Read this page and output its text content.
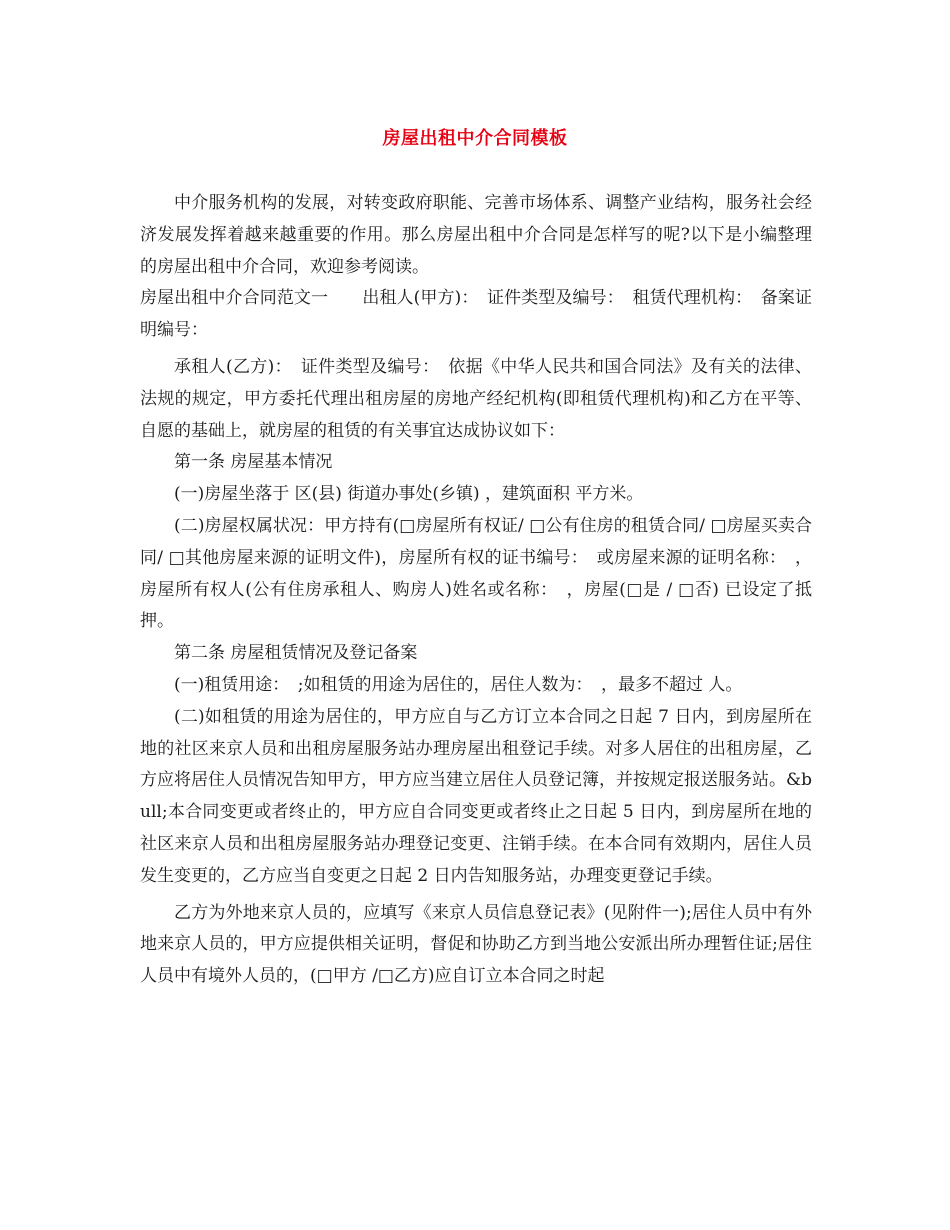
房屋出租中介合同模板

中介服务机构的发展，对转变政府职能、完善市场体系、调整产业结构，服务社会经济发展发挥着越来越重要的作用。那么房屋出租中介合同是怎样写的呢?以下是小编整理的房屋出租中介合同，欢迎参考阅读。

房屋出租中介合同范文一　　出租人(甲方)：　证件类型及编号：　租赁代理机构：　备案证明编号：

承租人(乙方)：　证件类型及编号：　依据《中华人民共和国合同法》及有关的法律、法规的规定，甲方委托代理出租房屋的房地产经纪机构(即租赁代理机构)和乙方在平等、自愿的基础上，就房屋的租赁的有关事宜达成协议如下：

第一条 房屋基本情况

(一)房屋坐落于 区(县) 街道办事处(乡镇) ，建筑面积 平方米。

(二)房屋权属状况：甲方持有(□房屋所有权证/ □公有住房的租赁合同/ □房屋买卖合同/ □其他房屋来源的证明文件)，房屋所有权的证书编号：　或房屋来源的证明名称：　，房屋所有权人(公有住房承租人、购房人)姓名或名称：　，房屋(□是 / □否) 已设定了抵押。

第二条 房屋租赁情况及登记备案

(一)租赁用途：　;如租赁的用途为居住的，居住人数为：　，最多不超过 人。

(二)如租赁的用途为居住的，甲方应自与乙方订立本合同之日起 7 日内，到房屋所在地的社区来京人员和出租房屋服务站办理房屋出租登记手续。对多人居住的出租房屋，乙方应将居住人员情况告知甲方，甲方应当建立居住人员登记簿，并按规定报送服务站。&bull;本合同变更或者终止的，甲方应自合同变更或者终止之日起 5 日内，到房屋所在地的社区来京人员和出租房屋服务站办理登记变更、注销手续。在本合同有效期内，居住人员发生变更的，乙方应当自变更之日起 2 日内告知服务站，办理变更登记手续。

乙方为外地来京人员的，应填写《来京人员信息登记表》(见附件一);居住人员中有外地来京人员的，甲方应提供相关证明，督促和协助乙方到当地公安派出所办理暂住证;居住人员中有境外人员的，(□甲方 /□乙方)应自订立本合同之时起
